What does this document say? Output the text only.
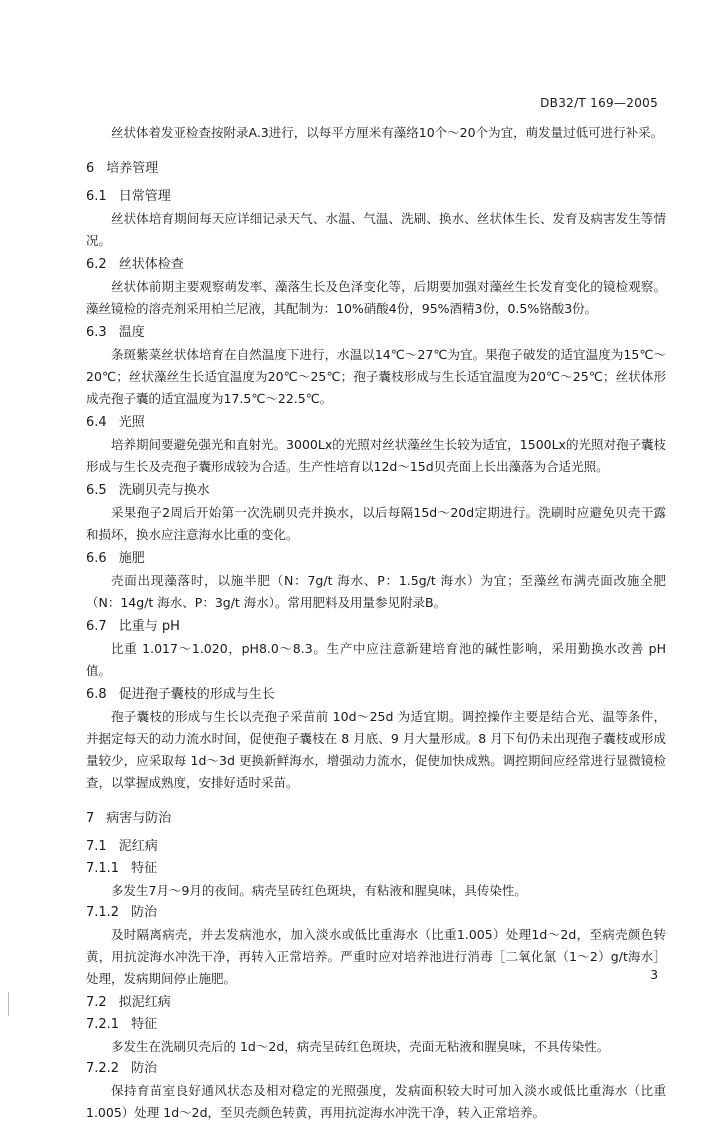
DB32/T 169—2005

丝状体着发亚检查按附录A.3进行，以每平方厘米有藻络10个～20个为宜，萌发量过低可进行补采。

6 培养管理
6.1 日常管理

丝状体培育期间每天应详细记录天气、水温、气温、洗刷、换水、丝状体生长、发育及病害发生等情况。

6.2 丝状体检查

丝状体前期主要观察萌发率、藻落生长及色泽变化等，后期要加强对藻丝生长发育变化的镜检观察。藻丝镜检的溶壳剂采用柏兰尼液，其配制为：10%硝酸4份，95%酒精3份，0.5%铬酸3份。

6.3 温度

条斑紫菜丝状体培育在自然温度下进行，水温以14℃～27℃为宜。果孢子破发的适宜温度为15℃～20℃；丝状藻丝生长适宜温度为20℃～25℃；孢子囊枝形成与生长适宜温度为20℃～25℃；丝状体形成壳孢子囊的适宜温度为17.5℃～22.5℃。

6.4 光照

培养期间要避免强光和直射光。3000Lx的光照对丝状藻丝生长较为适宜，1500Lx的光照对孢子囊枝形成与生长及壳孢子囊形成较为合适。生产性培育以12d～15d贝壳面上长出藻落为合适光照。

6.5 洗刷贝壳与换水

采果孢子2周后开始第一次洗刷贝壳并换水，以后每隔15d～20d定期进行。洗刷时应避免贝壳干露和损坏，换水应注意海水比重的变化。

6.6 施肥

壳面出现藻落时，以施半肥（N：7g/t 海水、P：1.5g/t 海水）为宜；至藻丝布满壳面改施全肥（N：14g/t 海水、P：3g/t 海水）。常用肥料及用量参见附录B。

6.7 比重与 pH

比重 1.017～1.020，pH8.0～8.3。生产中应注意新建培育池的碱性影响，采用勤换水改善 pH 值。

6.8 促进孢子囊枝的形成与生长

孢子囊枝的形成与生长以壳孢子采苗前 10d～25d 为适宜期。调控操作主要是结合光、温等条件，并据定每天的动力流水时间，促使孢子囊枝在 8 月底、9 月大量形成。8 月下旬仍未出现孢子囊枝或形成量较少，应采取每 1d～3d 更换新鲜海水，增强动力流水，促使加快成熟。调控期间应经常进行显微镜检查，以掌握成熟度，安排好适时采苗。

7 病害与防治
7.1 泥红病
7.1.1 特征

多发生7月～9月的夜间。病壳呈砖红色斑块，有粘液和腥臭味，具传染性。

7.1.2 防治

及时隔离病壳，并去发病池水，加入淡水或低比重海水（比重1.005）处理1d～2d，至病壳颜色转黄，用抗淀海水冲洗干净，再转入正常培养。严重时应对培养池进行消毒［二氧化氯（1～2）g/t海水］处理，发病期间停止施肥。

7.2 拟泥红病
7.2.1 特征

多发生在洗刷贝壳后的 1d～2d，病壳呈砖红色斑块，壳面无粘液和腥臭味，不具传染性。

7.2.2 防治

保持育苗室良好通风状态及相对稳定的光照强度，发病面积较大时可加入淡水或低比重海水（比重 1.005）处理 1d～2d，至贝壳颜色转黄，再用抗淀海水冲洗干净，转入正常培养。

3
